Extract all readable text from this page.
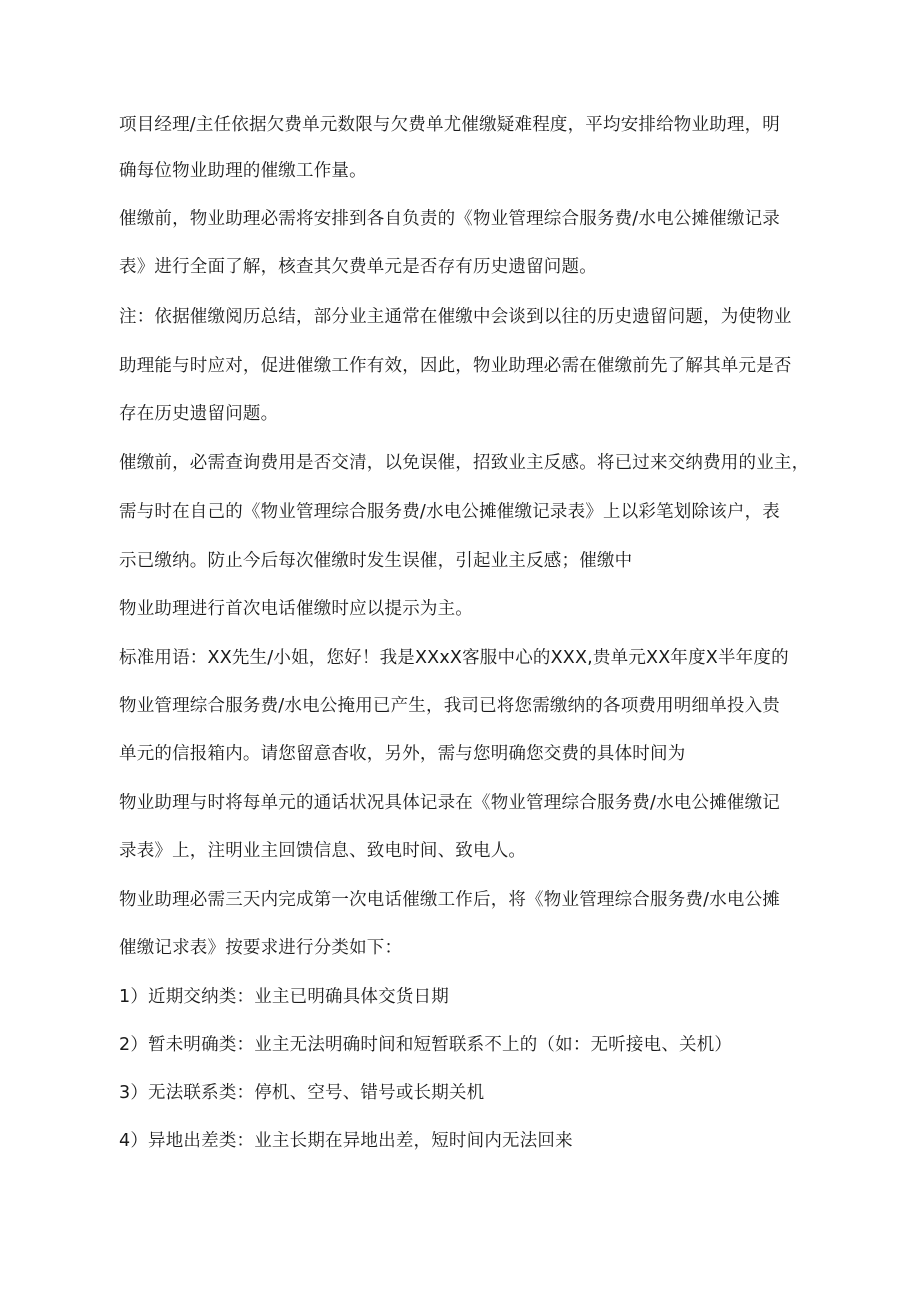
项目经理/主任依据欠费单元数限与欠费单尤催缴疑难程度，平均安排给物业助理，明
确每位物业助理的催缴工作量。
催缴前，物业助理必需将安排到各自负责的《物业管理综合服务费/水电公摊催缴记录
表》进行全面了解，核查其欠费单元是否存有历史遗留问题。
注：依据催缴阅历总结，部分业主通常在催缴中会谈到以往的历史遗留问题，为使物业
助理能与时应对，促进催缴工作有效，因此，物业助理必需在催缴前先了解其单元是否
存在历史遗留问题。
催缴前，必需查询费用是否交清，以免误催，招致业主反感。将已过来交纳费用的业主，
需与时在自己的《物业管理综合服务费/水电公摊催缴记录表》上以彩笔划除该户，表
示已缴纳。防止今后每次催缴时发生误催，引起业主反感；催缴中
物业助理进行首次电话催缴时应以提示为主。
标准用语：XX先生/小姐，您好！我是XXxX客服中心的XXX,贵单元XX年度X半年度的
物业管理综合服务费/水电公掩用已产生，我司已将您需缴纳的各项费用明细单投入贵
单元的信报箱内。请您留意杳收，另外，需与您明确您交费的具体时间为
物业助理与时将每单元的通话状况具体记录在《物业管理综合服务费/水电公摊催缴记
录表》上，注明业主回馈信息、致电时间、致电人。
物业助理必需三天内完成第一次电话催缴工作后，将《物业管理综合服务费/水电公摊
催缴记求表》按要求进行分类如下：
1）近期交纳类：业主已明确具体交货日期
2）暂未明确类：业主无法明确时间和短暂联系不上的（如：无听接电、关机）
3）无法联系类：停机、空号、错号或长期关机
4）异地出差类：业主长期在异地出差，短时间内无法回来
